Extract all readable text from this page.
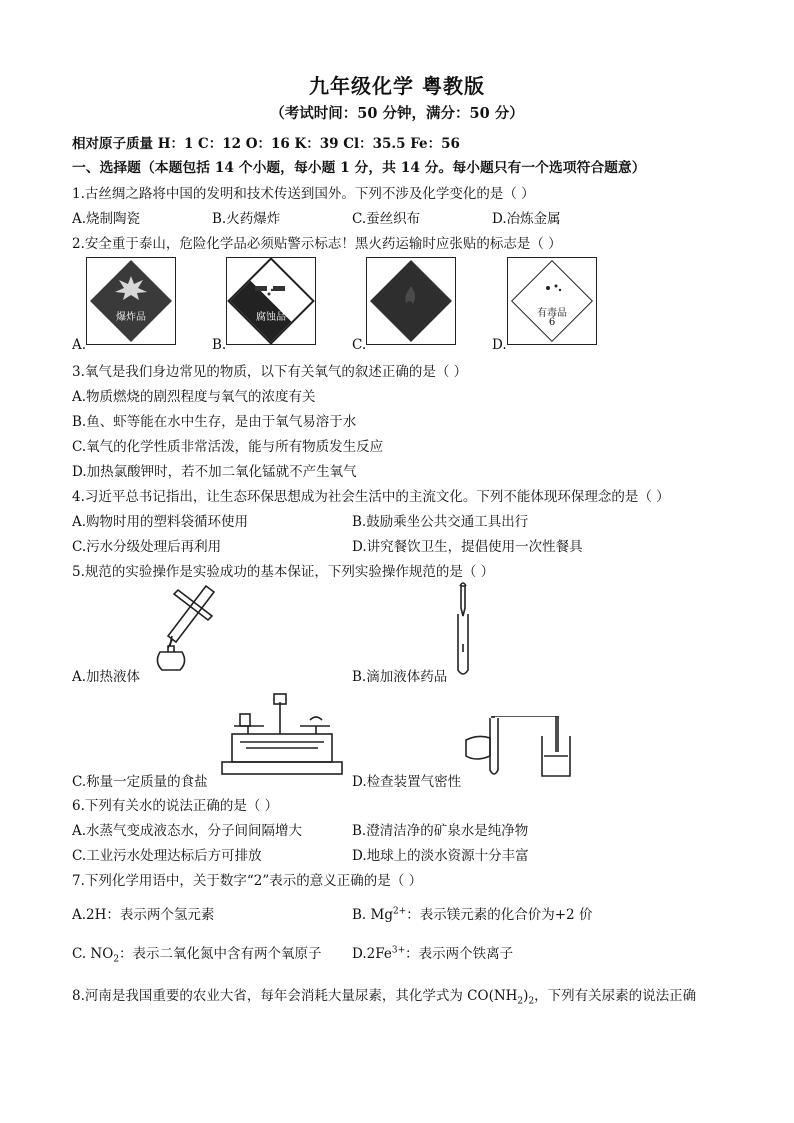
九年级化学 粤教版
（考试时间：50 分钟，满分：50 分）
相对原子质量 H：1 C：12 O：16 K：39 Cl：35.5 Fe：56
一、选择题（本题包括 14 个小题，每小题 1 分，共 14 分。每小题只有一个选项符合题意）
1.古丝绸之路将中国的发明和技术传送到国外。下列不涉及化学变化的是（ ）
A.烧制陶瓷	B.火药爆炸	C.蚕丝织布	D.冶炼金属
2.安全重于泰山，危险化学品必须贴警示标志！黑火药运输时应张贴的标志是（ ）
A.
爆炸品
B.
腐蚀品
C.	D.
有毒品
6
3.氧气是我们身边常见的物质，以下有关氧气的叙述正确的是（ ）
A.物质燃烧的剧烈程度与氧气的浓度有关
B.鱼、虾等能在水中生存，是由于氧气易溶于水
C.氧气的化学性质非常活泼，能与所有物质发生反应
D.加热氯酸钾时，若不加二氧化锰就不产生氧气
4.习近平总书记指出，让生态环保思想成为社会生活中的主流文化。下列不能体现环保理念的是（ ）
A.购物时用的塑料袋循环使用	B.鼓励乘坐公共交通工具出行
C.污水分级处理后再利用	D.讲究餐饮卫生，提倡使用一次性餐具
5.规范的实验操作是实验成功的基本保证，下列实验操作规范的是（ ）
A.加热液体	B.滴加液体药品
C.称量一定质量的食盐	D.检查装置气密性
6.下列有关水的说法正确的是（ ）
A.水蒸气变成液态水，分子间间隔增大	B.澄清洁净的矿泉水是纯净物
C.工业污水处理达标后方可排放	D.地球上的淡水资源十分丰富
7.下列化学用语中，关于数字“2”表示的意义正确的是（ ）
A.2H：表示两个氢元素	B. $Mg^{2+}$：表示镁元素的化合价为+2 价
C. $NO_2$：表示二氧化氮中含有两个氧原子 $D.2Fe^{3+}$：表示两个铁离子
8.河南是我国重要的农业大省，每年会消耗大量尿素，其化学式为 $CO(NH_2)_2$，下列有关尿素的说法正确
